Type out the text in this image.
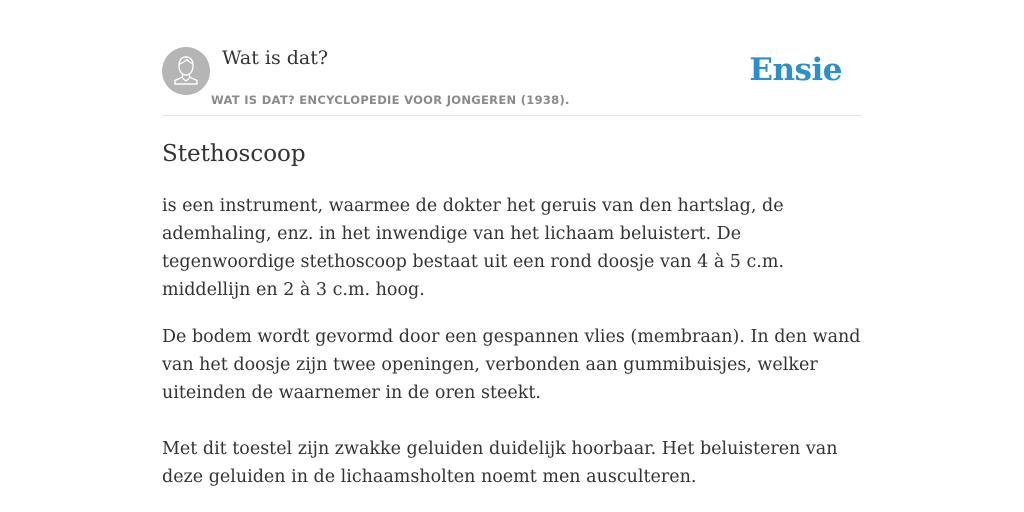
Wat is dat?
WAT IS DAT? ENCYCLOPEDIE VOOR JONGEREN (1938).
Ensie
Stethoscoop

is een instrument, waarmee de dokter het geruis van den hartslag, de ademhaling, enz. in het inwendige van het lichaam beluistert. De tegenwoordige stethoscoop bestaat uit een rond doosje van 4 à 5 c.m. middellijn en 2 à 3 c.m. hoog.

De bodem wordt gevormd door een gespannen vlies (membraan). In den wand van het doosje zijn twee openingen, verbonden aan gummibuisjes, welker uiteinden de waarnemer in de oren steekt.

Met dit toestel zijn zwakke geluiden duidelijk hoorbaar. Het beluisteren van deze geluiden in de lichaamsholten noemt men ausculteren.
